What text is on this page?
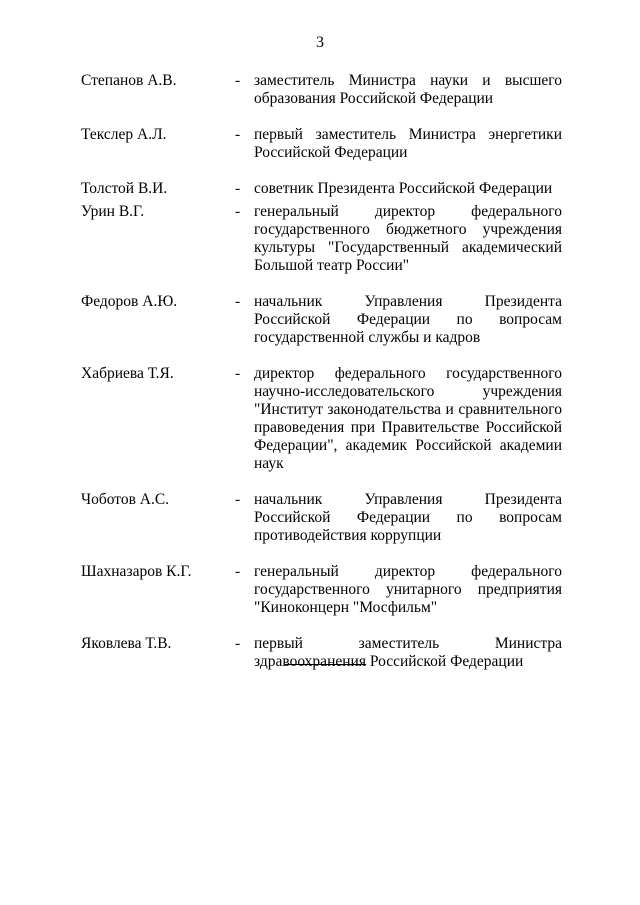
3
Степанов А.В.	- заместитель Министра науки и высшего образования Российской Федерации
Текслер А.Л.	- первый заместитель Министра энергетики Российской Федерации
Толстой В.И.	- советник Президента Российской Федерации
Урин В.Г.	- генеральный директор федерального государственного бюджетного учреждения культуры "Государственный академический Большой театр России"
Федоров А.Ю.	- начальник Управления Президента Российской Федерации по вопросам государственной службы и кадров
Хабриева Т.Я.	- директор федерального государственного научно-исследовательского учреждения "Институт законодательства и сравнительного правоведения при Правительстве Российской Федерации", академик Российской академии наук
Чоботов А.С.	- начальник Управления Президента Российской Федерации по вопросам противодействия коррупции
Шахназаров К.Г.	- генеральный директор федерального государственного унитарного предприятия "Киноконцерн "Мосфильм"
Яковлева Т.В.	- первый заместитель Министра здравоохранения Российской Федерации
